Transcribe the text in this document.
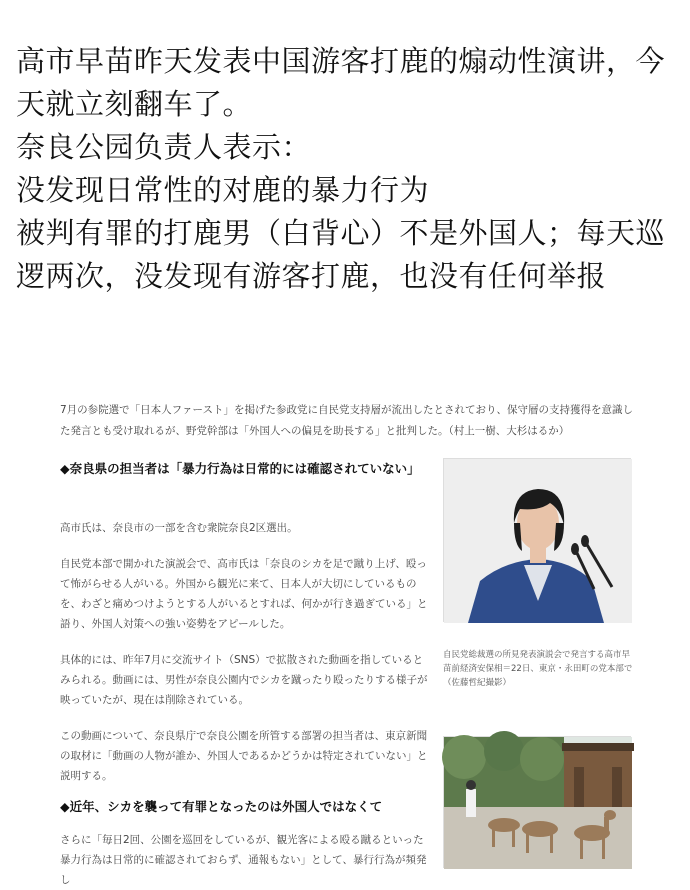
高市早苗昨天发表中国游客打鹿的煽动性演讲，今天就立刻翻车了。

奈良公园负责人表示：

没发现日常性的对鹿的暴力行为

被判有罪的打鹿男（白背心）不是外国人；每天巡逻两次，没发现有游客打鹿，也没有任何举报

7月の参院選で「日本人ファースト」を掲げた参政党に自民党支持層が流出したとされており、保守層の支持獲得を意識した発言とも受け取れるが、野党幹部は「外国人への偏見を助長する」と批判した。（村上一樹、大杉はるか）
◆奈良県の担当者は「暴力行為は日常的には確認されていない」
高市氏は、奈良市の一部を含む衆院奈良2区選出。
自民党本部で開かれた演説会で、高市氏は「奈良のシカを足で蹴り上げ、殴って怖がらせる人がいる。外国から観光に来て、日本人が大切にしているものを、わざと痛めつけようとする人がいるとすれば、何かが行き過ぎている」と語り、外国人対策への強い姿勢をアピールした。
具体的には、昨年7月に交流サイト（SNS）で拡散された動画を指しているとみられる。動画には、男性が奈良公園内でシカを蹴ったり殴ったりする様子が映っていたが、現在は削除されている。
この動画について、奈良県庁で奈良公園を所管する部署の担当者は、東京新聞の取材に「動画の人物が誰か、外国人であるかどうかは特定されていない」と説明する。
◆近年、シカを襲って有罪となったのは外国人ではなくて
さらに「毎日2回、公園を巡回をしているが、観光客による殴る蹴るといった暴力行為は日常的に確認されておらず、通報もない」として、暴行行為が頻発し
自民党総裁選の所見発表演説会で発言する高市早苗前経済安保相＝22日、東京・永田町の党本部で（佐藤哲紀撮影）
